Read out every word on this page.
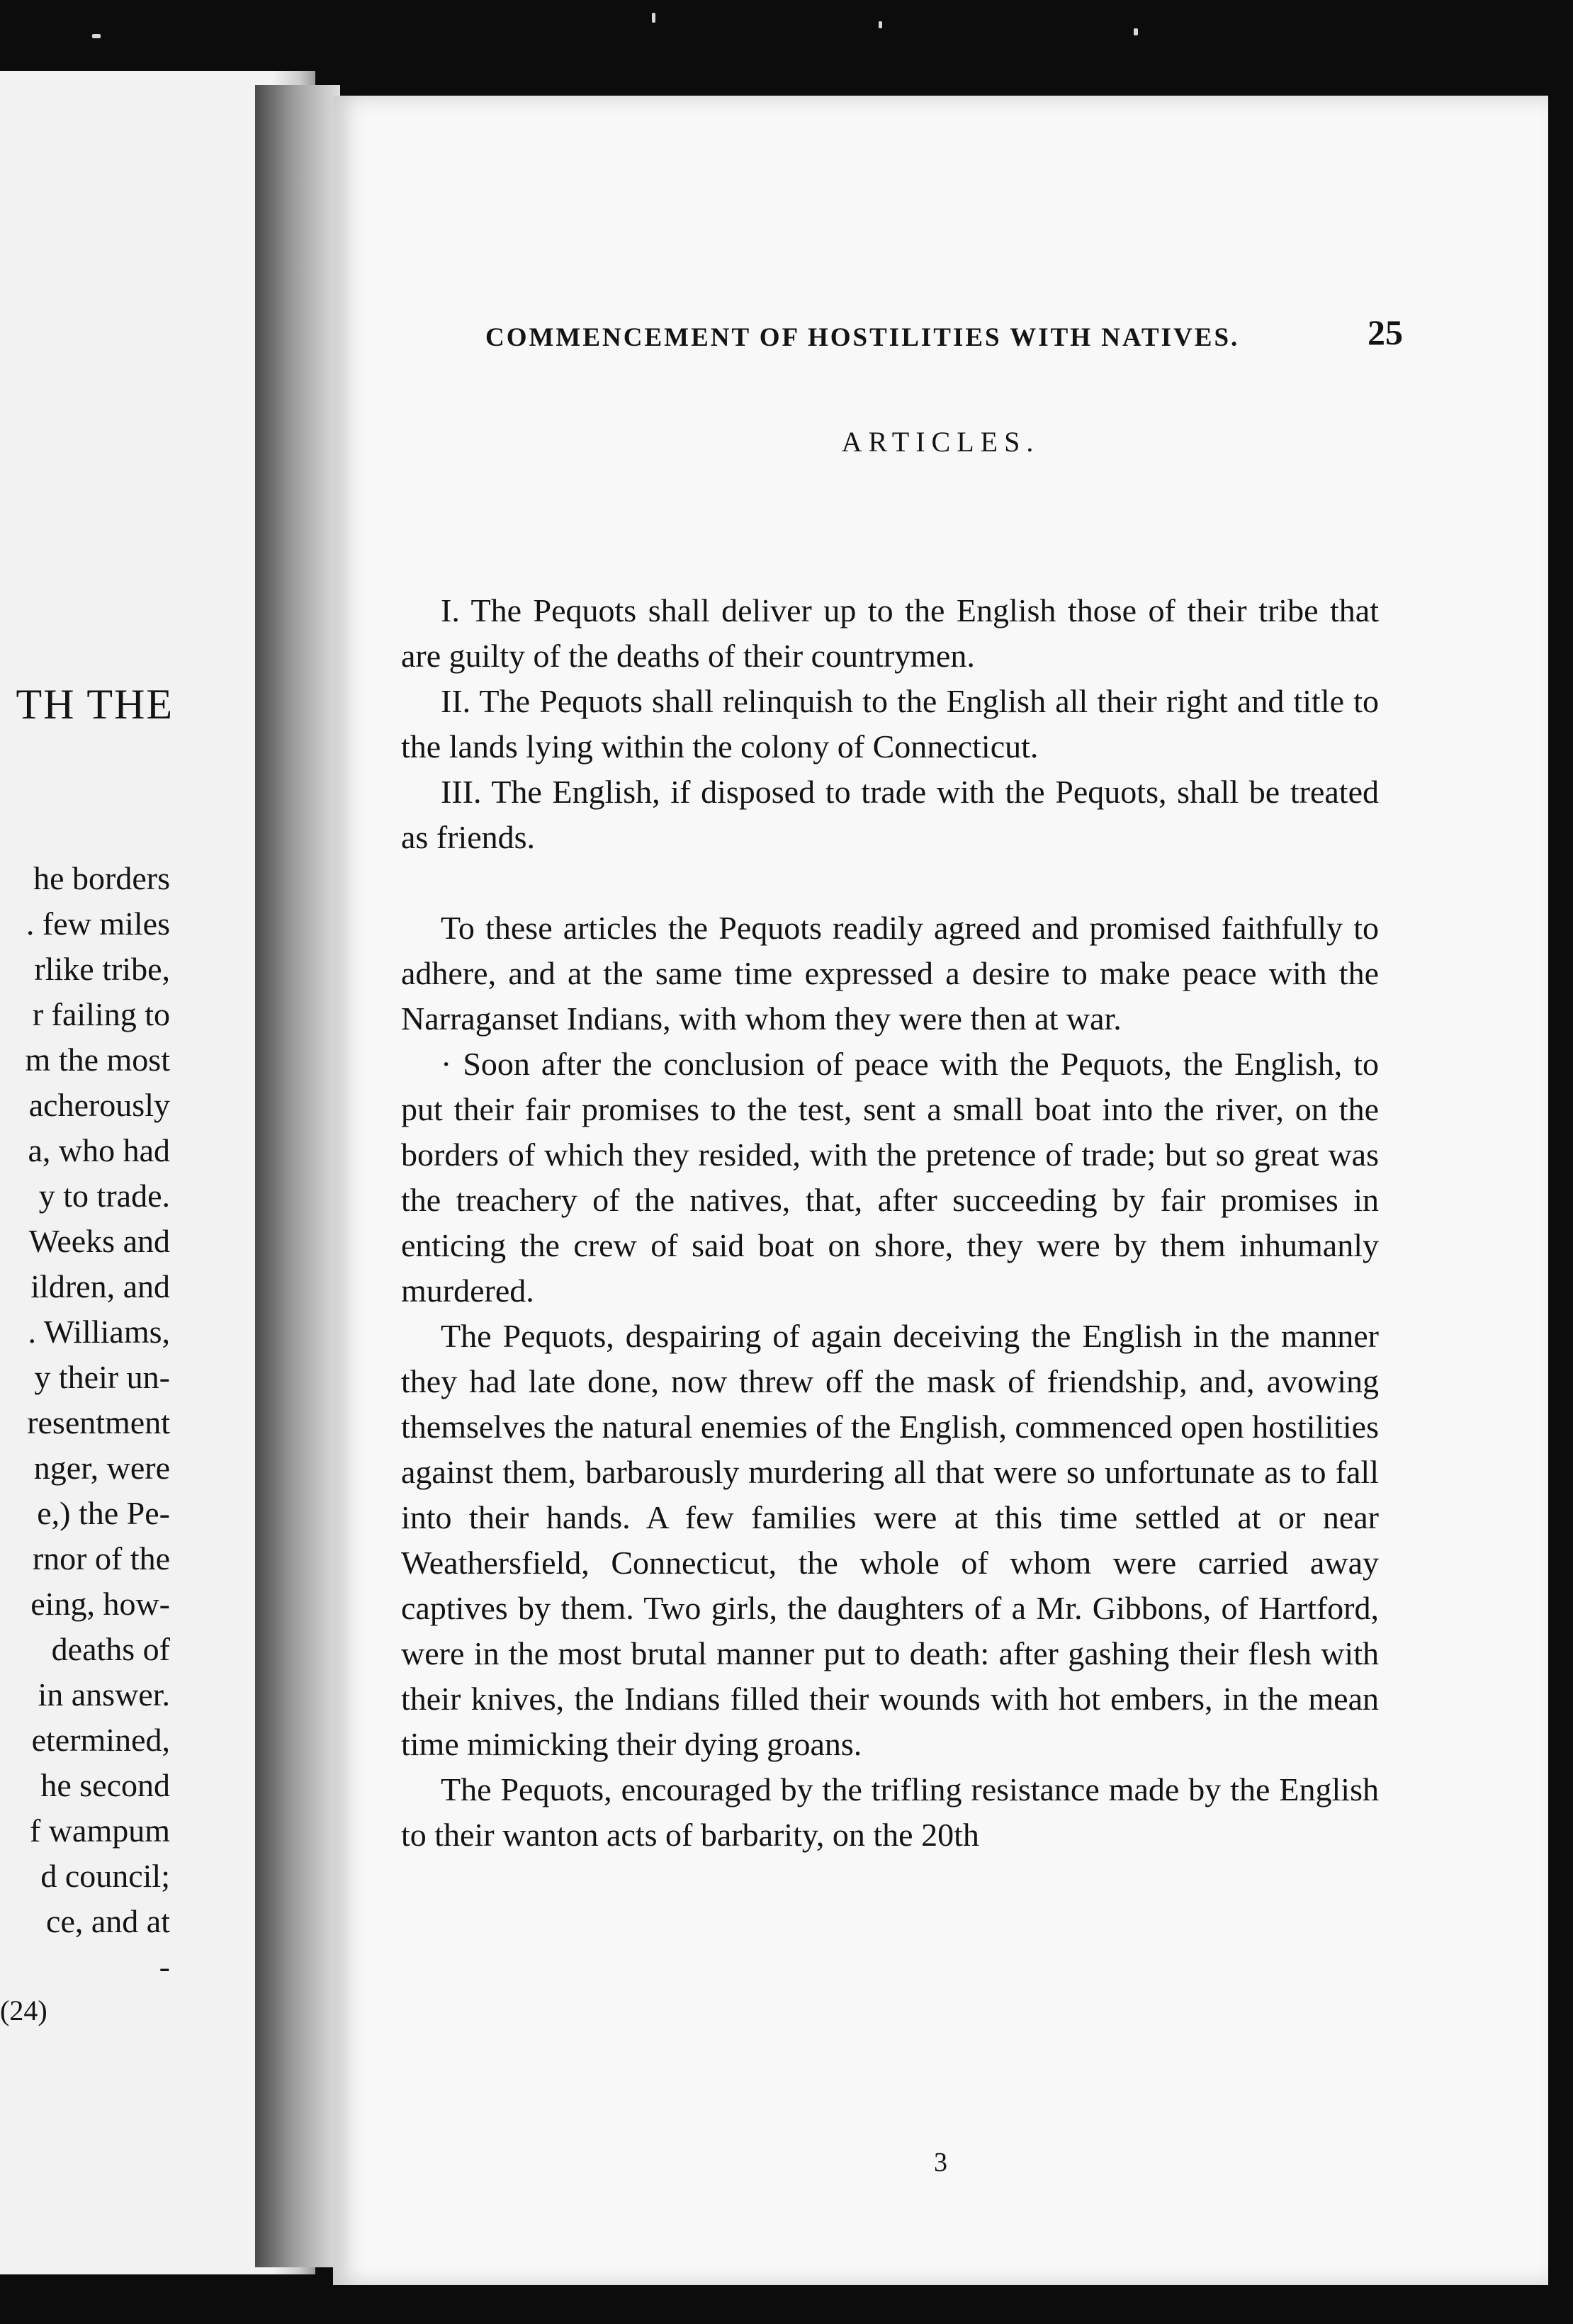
TH THE
he borders
. few miles
rlike tribe,
r failing to
m the most
acherously
a, who had
y to trade.
Weeks and
ildren, and
. Williams,
y their un-
resentment
nger, were
e,) the Pe-
rnor of the
eing, how-
deaths of
in answer.
etermined,
he second
f wampum
d council;
ce, and at
-
(24)
COMMENCEMENT OF HOSTILITIES WITH NATIVES.	25
ARTICLES.

I. The Pequots shall deliver up to the English those of their tribe that are guilty of the deaths of their countrymen.

II. The Pequots shall relinquish to the English all their right and title to the lands lying within the colony of Connecticut.

III. The English, if disposed to trade with the Pequots, shall be treated as friends.

To these articles the Pequots readily agreed and promised faithfully to adhere, and at the same time expressed a desire to make peace with the Narraganset Indians, with whom they were then at war.

· Soon after the conclusion of peace with the Pequots, the English, to put their fair promises to the test, sent a small boat into the river, on the borders of which they resided, with the pretence of trade; but so great was the treachery of the natives, that, after succeeding by fair promises in enticing the crew of said boat on shore, they were by them inhumanly murdered.

The Pequots, despairing of again deceiving the English in the manner they had late done, now threw off the mask of friendship, and, avowing themselves the natural enemies of the English, commenced open hostilities against them, barbarously murdering all that were so unfortunate as to fall into their hands. A few families were at this time settled at or near Weathersfield, Connecticut, the whole of whom were carried away captives by them. Two girls, the daughters of a Mr. Gibbons, of Hartford, were in the most brutal manner put to death: after gashing their flesh with their knives, the Indians filled their wounds with hot embers, in the mean time mimicking their dying groans.

The Pequots, encouraged by the trifling resistance made by the English to their wanton acts of barbarity, on the 20th

3
